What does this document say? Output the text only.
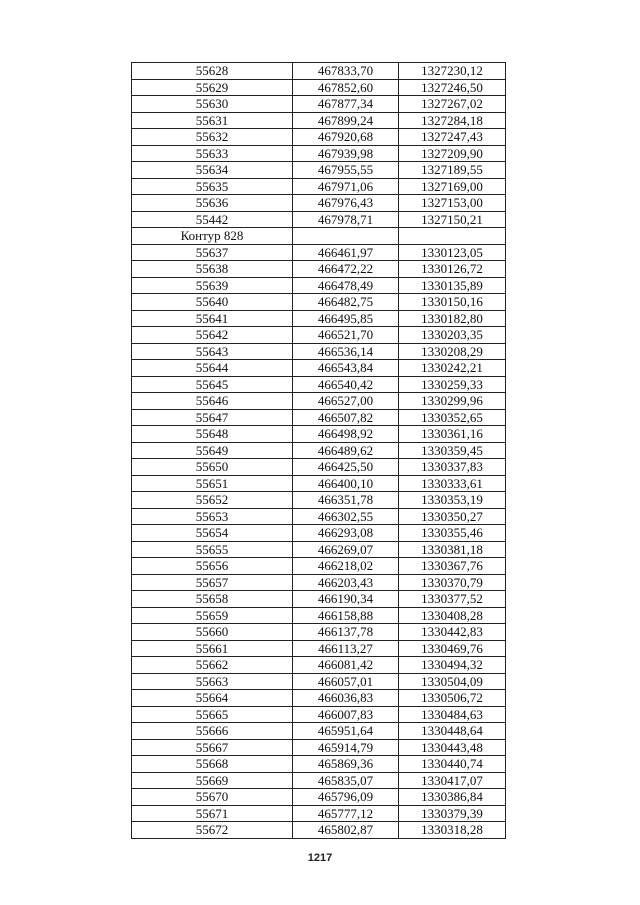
55628	467833,70	1327230,12
55629	467852,60	1327246,50
55630	467877,34	1327267,02
55631	467899,24	1327284,18
55632	467920,68	1327247,43
55633	467939,98	1327209,90
55634	467955,55	1327189,55
55635	467971,06	1327169,00
55636	467976,43	1327153,00
55442	467978,71	1327150,21
Контур 828		
55637	466461,97	1330123,05
55638	466472,22	1330126,72
55639	466478,49	1330135,89
55640	466482,75	1330150,16
55641	466495,85	1330182,80
55642	466521,70	1330203,35
55643	466536,14	1330208,29
55644	466543,84	1330242,21
55645	466540,42	1330259,33
55646	466527,00	1330299,96
55647	466507,82	1330352,65
55648	466498,92	1330361,16
55649	466489,62	1330359,45
55650	466425,50	1330337,83
55651	466400,10	1330333,61
55652	466351,78	1330353,19
55653	466302,55	1330350,27
55654	466293,08	1330355,46
55655	466269,07	1330381,18
55656	466218,02	1330367,76
55657	466203,43	1330370,79
55658	466190,34	1330377,52
55659	466158,88	1330408,28
55660	466137,78	1330442,83
55661	466113,27	1330469,76
55662	466081,42	1330494,32
55663	466057,01	1330504,09
55664	466036,83	1330506,72
55665	466007,83	1330484,63
55666	465951,64	1330448,64
55667	465914,79	1330443,48
55668	465869,36	1330440,74
55669	465835,07	1330417,07
55670	465796,09	1330386,84
55671	465777,12	1330379,39
55672	465802,87	1330318,28
1217
